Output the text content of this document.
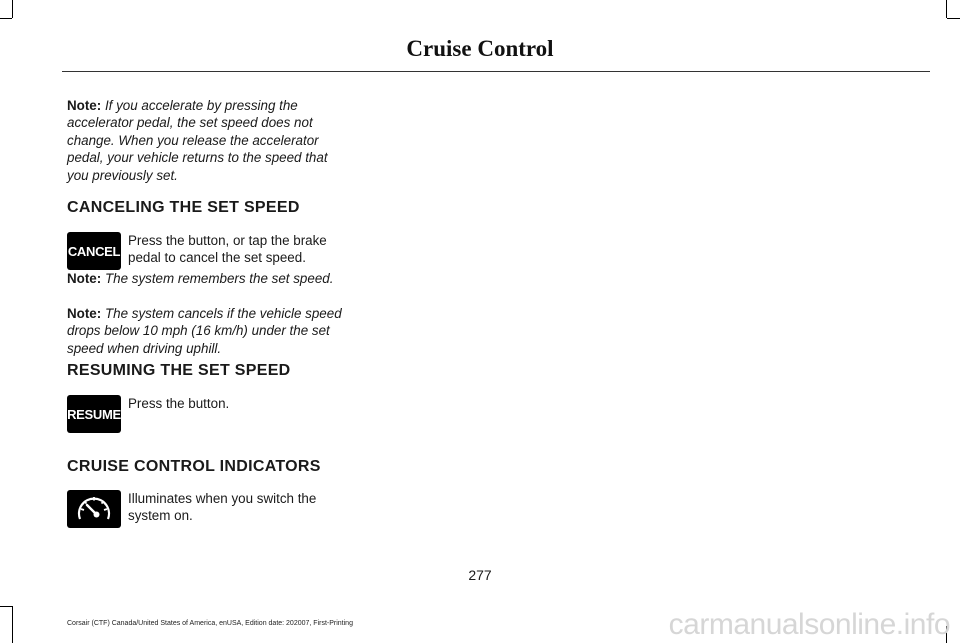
Cruise Control

Note: If you accelerate by pressing the accelerator pedal, the set speed does not change. When you release the accelerator pedal, your vehicle returns to the speed that you previously set.

CANCELING THE SET SPEED
CANCEL

Press the button, or tap the brake pedal to cancel the set speed.

Note: The system remembers the set speed.

Note: The system cancels if the vehicle speed drops below 10 mph (16 km/h) under the set speed when driving uphill.

RESUMING THE SET SPEED
RESUME

Press the button.

CRUISE CONTROL INDICATORS

Illuminates when you switch the system on.

277
Corsair (CTF) Canada/United States of America, enUSA, Edition date: 202007, First-Printing	carmanualsonline.info
